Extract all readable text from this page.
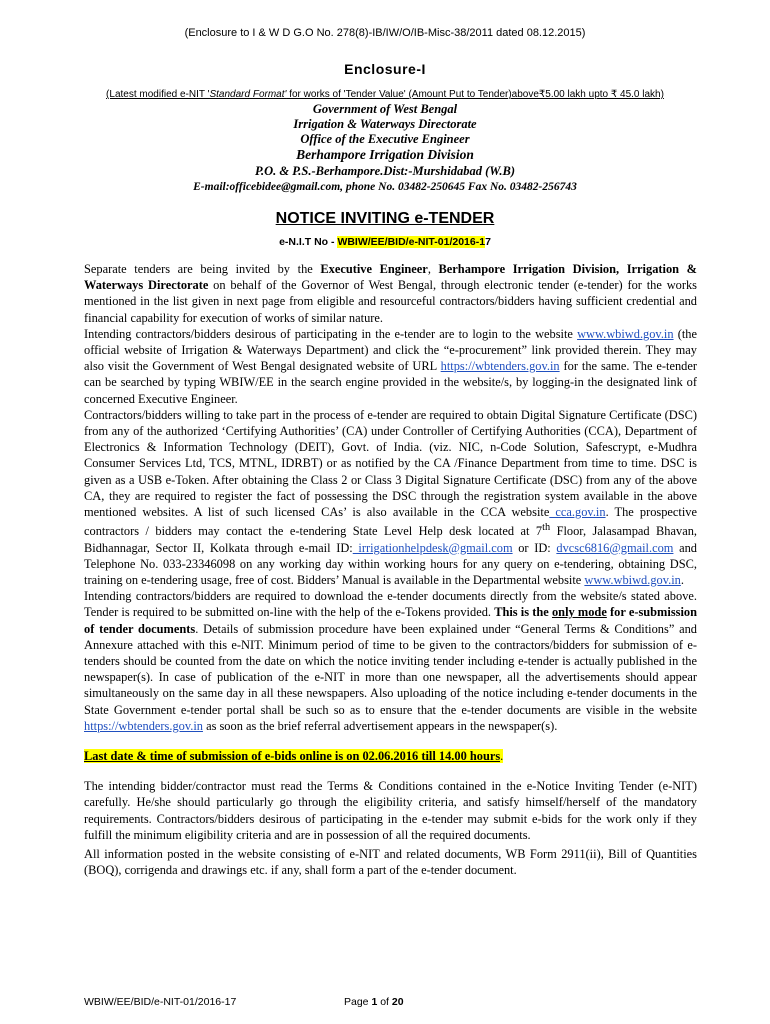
(Enclosure to I & W D G.O No. 278(8)-IB/IW/O/IB-Misc-38/2011 dated 08.12.2015)
Enclosure-I
(Latest modified e-NIT 'Standard Format' for works of 'Tender Value' (Amount Put to Tender)above₹5.00 lakh upto ₹ 45.0 lakh)
Government of West Bengal
Irrigation & Waterways Directorate
Office of the Executive Engineer
Berhampore Irrigation Division
P.O. & P.S.-Berhampore.Dist:-Murshidabad (W.B)
E-mail:officebidee@gmail.com, phone No. 03482-250645 Fax No. 03482-256743
NOTICE INVITING e-TENDER
e-N.I.T No - WBIW/EE/BID/e-NIT-01/2016-17

Separate tenders are being invited by the Executive Engineer, Berhampore Irrigation Division, Irrigation & Waterways Directorate on behalf of the Governor of West Bengal, through electronic tender (e-tender) for the works mentioned in the list given in next page from eligible and resourceful contractors/bidders having sufficient credential and financial capability for execution of works of similar nature.

Intending contractors/bidders desirous of participating in the e-tender are to login to the website www.wbiwd.gov.in (the official website of Irrigation & Waterways Department) and click the “e-procurement” link provided therein. They may also visit the Government of West Bengal designated website of URL https://wbtenders.gov.in for the same. The e-tender can be searched by typing WBIW/EE in the search engine provided in the website/s, by logging-in the designated link of concerned Executive Engineer.

Contractors/bidders willing to take part in the process of e-tender are required to obtain Digital Signature Certificate (DSC) from any of the authorized ‘Certifying Authorities’ (CA) under Controller of Certifying Authorities (CCA), Department of Electronics & Information Technology (DEIT), Govt. of India. (viz. NIC, n-Code Solution, Safescrypt, e-Mudhra Consumer Services Ltd, TCS, MTNL, IDRBT) or as notified by the CA /Finance Department from time to time. DSC is given as a USB e-Token. After obtaining the Class 2 or Class 3 Digital Signature Certificate (DSC) from any of the above CA, they are required to register the fact of possessing the DSC through the registration system available in the above mentioned websites. A list of such licensed CAs’ is also available in the CCA website cca.gov.in. The prospective contractors / bidders may contact the e-tendering State Level Help desk located at 7th Floor, Jalasampad Bhavan, Bidhannagar, Sector II, Kolkata through e-mail ID: irrigationhelpdesk@gmail.com or ID: dvcsc6816@gmail.com and Telephone No. 033-23346098 on any working day within working hours for any query on e-tendering, obtaining DSC, training on e-tendering usage, free of cost. Bidders’ Manual is available in the Departmental website www.wbiwd.gov.in.

Intending contractors/bidders are required to download the e-tender documents directly from the website/s stated above. Tender is required to be submitted on-line with the help of the e-Tokens provided. This is the only mode for e-submission of tender documents. Details of submission procedure have been explained under “General Terms & Conditions” and Annexure attached with this e-NIT. Minimum period of time to be given to the contractors/bidders for submission of e-tenders should be counted from the date on which the notice inviting tender including e-tender is actually published in the newspaper(s). In case of publication of the e-NIT in more than one newspaper, all the advertisements should appear simultaneously on the same day in all these newspapers. Also uploading of the notice including e-tender documents in the State Government e-tender portal shall be such so as to ensure that the e-tender documents are visible in the website https://wbtenders.gov.in as soon as the brief referral advertisement appears in the newspaper(s).

Last date & time of submission of e-bids online is on 02.06.2016 till 14.00 hours.

The intending bidder/contractor must read the Terms & Conditions contained in the e-Notice Inviting Tender (e-NIT) carefully. He/she should particularly go through the eligibility criteria, and satisfy himself/herself of the mandatory requirements. Contractors/bidders desirous of participating in the e-tender may submit e-bids for the work only if they fulfill the minimum eligibility criteria and are in possession of all the required documents.

All information posted in the website consisting of e-NIT and related documents, WB Form 2911(ii), Bill of Quantities (BOQ), corrigenda and drawings etc. if any, shall form a part of the e-tender document.

WBIW/EE/BID/e-NIT-01/2016-17	Page 1 of 20
